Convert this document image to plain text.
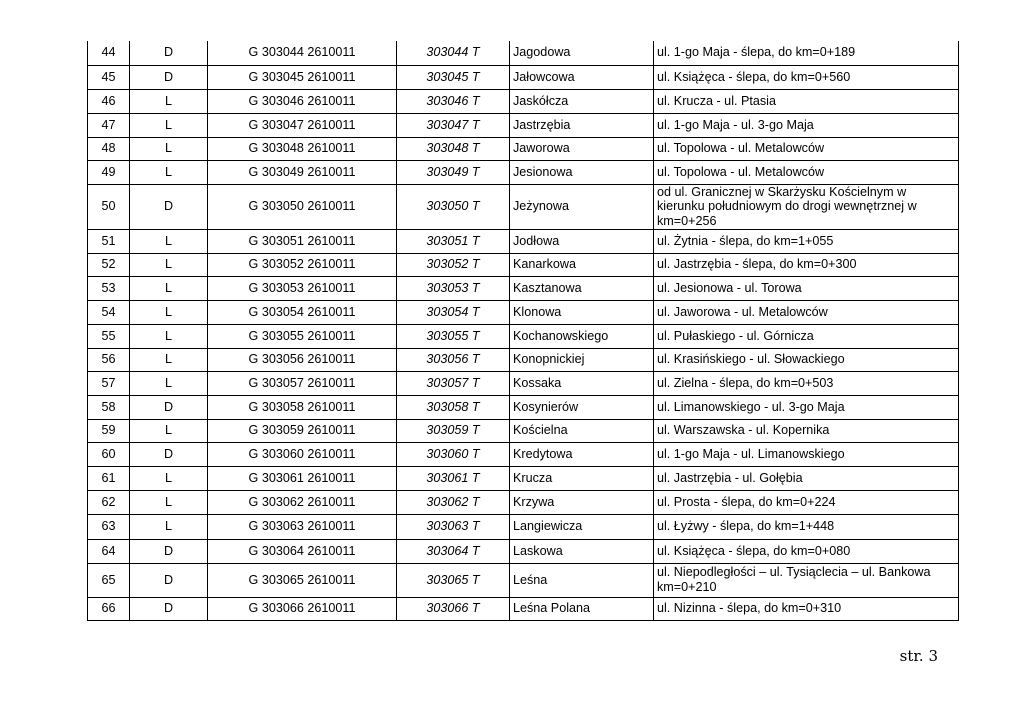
44	D	G 303044 2610011	303044 T	Jagodowa	ul. 1-go Maja - ślepa, do km=0+189
45	D	G 303045 2610011	303045 T	Jałowcowa	ul. Książęca - ślepa, do km=0+560
46	L	G 303046 2610011	303046 T	Jaskółcza	ul. Krucza - ul. Ptasia
47	L	G 303047 2610011	303047 T	Jastrzębia	ul. 1-go Maja - ul. 3-go Maja
48	L	G 303048 2610011	303048 T	Jaworowa	ul. Topolowa - ul. Metalowców
49	L	G 303049 2610011	303049 T	Jesionowa	ul. Topolowa - ul. Metalowców
50	D	G 303050 2610011	303050 T	Jeżynowa	od ul. Granicznej w Skarżysku Kościelnym w kierunku południowym do drogi wewnętrznej w km=0+256
51	L	G 303051 2610011	303051 T	Jodłowa	ul. Żytnia - ślepa, do km=1+055
52	L	G 303052 2610011	303052 T	Kanarkowa	ul. Jastrzębia - ślepa, do km=0+300
53	L	G 303053 2610011	303053 T	Kasztanowa	ul. Jesionowa - ul. Torowa
54	L	G 303054 2610011	303054 T	Klonowa	ul. Jaworowa - ul. Metalowców
55	L	G 303055 2610011	303055 T	Kochanowskiego	ul. Pułaskiego - ul. Górnicza
56	L	G 303056 2610011	303056 T	Konopnickiej	ul. Krasińskiego - ul. Słowackiego
57	L	G 303057 2610011	303057 T	Kossaka	ul. Zielna - ślepa, do km=0+503
58	D	G 303058 2610011	303058 T	Kosynierów	ul. Limanowskiego - ul. 3-go Maja
59	L	G 303059 2610011	303059 T	Kościelna	ul. Warszawska - ul. Kopernika
60	D	G 303060 2610011	303060 T	Kredytowa	ul. 1-go Maja - ul. Limanowskiego
61	L	G 303061 2610011	303061 T	Krucza	ul. Jastrzębia - ul. Gołębia
62	L	G 303062 2610011	303062 T	Krzywa	ul. Prosta - ślepa, do km=0+224
63	L	G 303063 2610011	303063 T	Langiewicza	ul. Łyżwy - ślepa, do km=1+448
64	D	G 303064 2610011	303064 T	Laskowa	ul. Książęca - ślepa, do km=0+080
65	D	G 303065 2610011	303065 T	Leśna	ul. Niepodległości – ul. Tysiąclecia – ul. Bankowa km=0+210
66	D	G 303066 2610011	303066 T	Leśna Polana	ul. Nizinna - ślepa, do km=0+310
str. 3
